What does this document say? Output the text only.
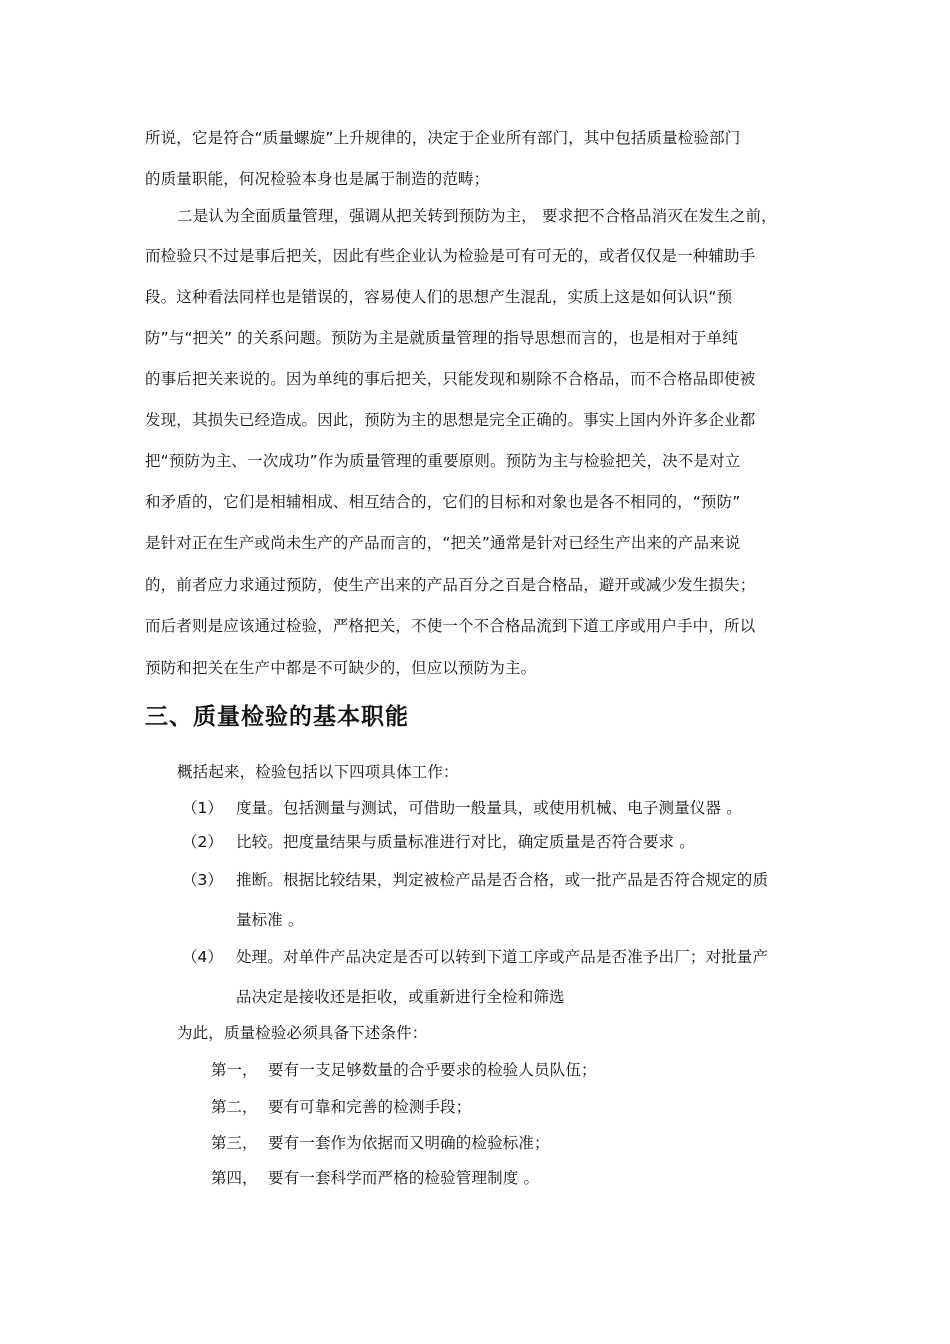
所说，它是符合“质量螺旋”上升规律的，决定于企业所有部门，其中包括质量检验部门
的质量职能，何况检验本身也是属于制造的范畴；
二是认为全面质量管理，强调从把关转到预防为主， 要求把不合格品消灭在发生之前，
而检验只不过是事后把关，因此有些企业认为检验是可有可无的，或者仅仅是一种辅助手
段。这种看法同样也是错误的，容易使人们的思想产生混乱，实质上这是如何认识“预
防”与“把关” 的关系问题。预防为主是就质量管理的指导思想而言的，也是相对于单纯
的事后把关来说的。因为单纯的事后把关，只能发现和剔除不合格品，而不合格品即使被
发现，其损失已经造成。因此，预防为主的思想是完全正确的。事实上国内外许多企业都
把“预防为主、一次成功”作为质量管理的重要原则。预防为主与检验把关，决不是对立
和矛盾的，它们是相辅相成、相互结合的，它们的目标和对象也是各不相同的，“预防”
是针对正在生产或尚未生产的产品而言的，“把关”通常是针对已经生产出来的产品来说
的，前者应力求通过预防，使生产出来的产品百分之百是合格品，避开或减少发生损失；
而后者则是应该通过检验，严格把关，不使一个不合格品流到下道工序或用户手中，所以
预防和把关在生产中都是不可缺少的，但应以预防为主。
三、质量检验的基本职能
概括起来，检验包括以下四项具体工作：
（1） 度量。包括测量与测试，可借助一般量具，或使用机械、电子测量仪器 。
（2） 比较。把度量结果与质量标准进行对比，确定质量是否符合要求 。
（3） 推断。根据比较结果，判定被检产品是否合格，或一批产品是否符合规定的质
量标准 。
（4） 处理。对单件产品决定是否可以转到下道工序或产品是否准予出厂；对批量产
品决定是接收还是拒收，或重新进行全检和筛选
为此，质量检验必须具备下述条件：
第一， 要有一支足够数量的合乎要求的检验人员队伍；
第二， 要有可靠和完善的检测手段；
第三， 要有一套作为依据而又明确的检验标准；
第四， 要有一套科学而严格的检验管理制度 。
